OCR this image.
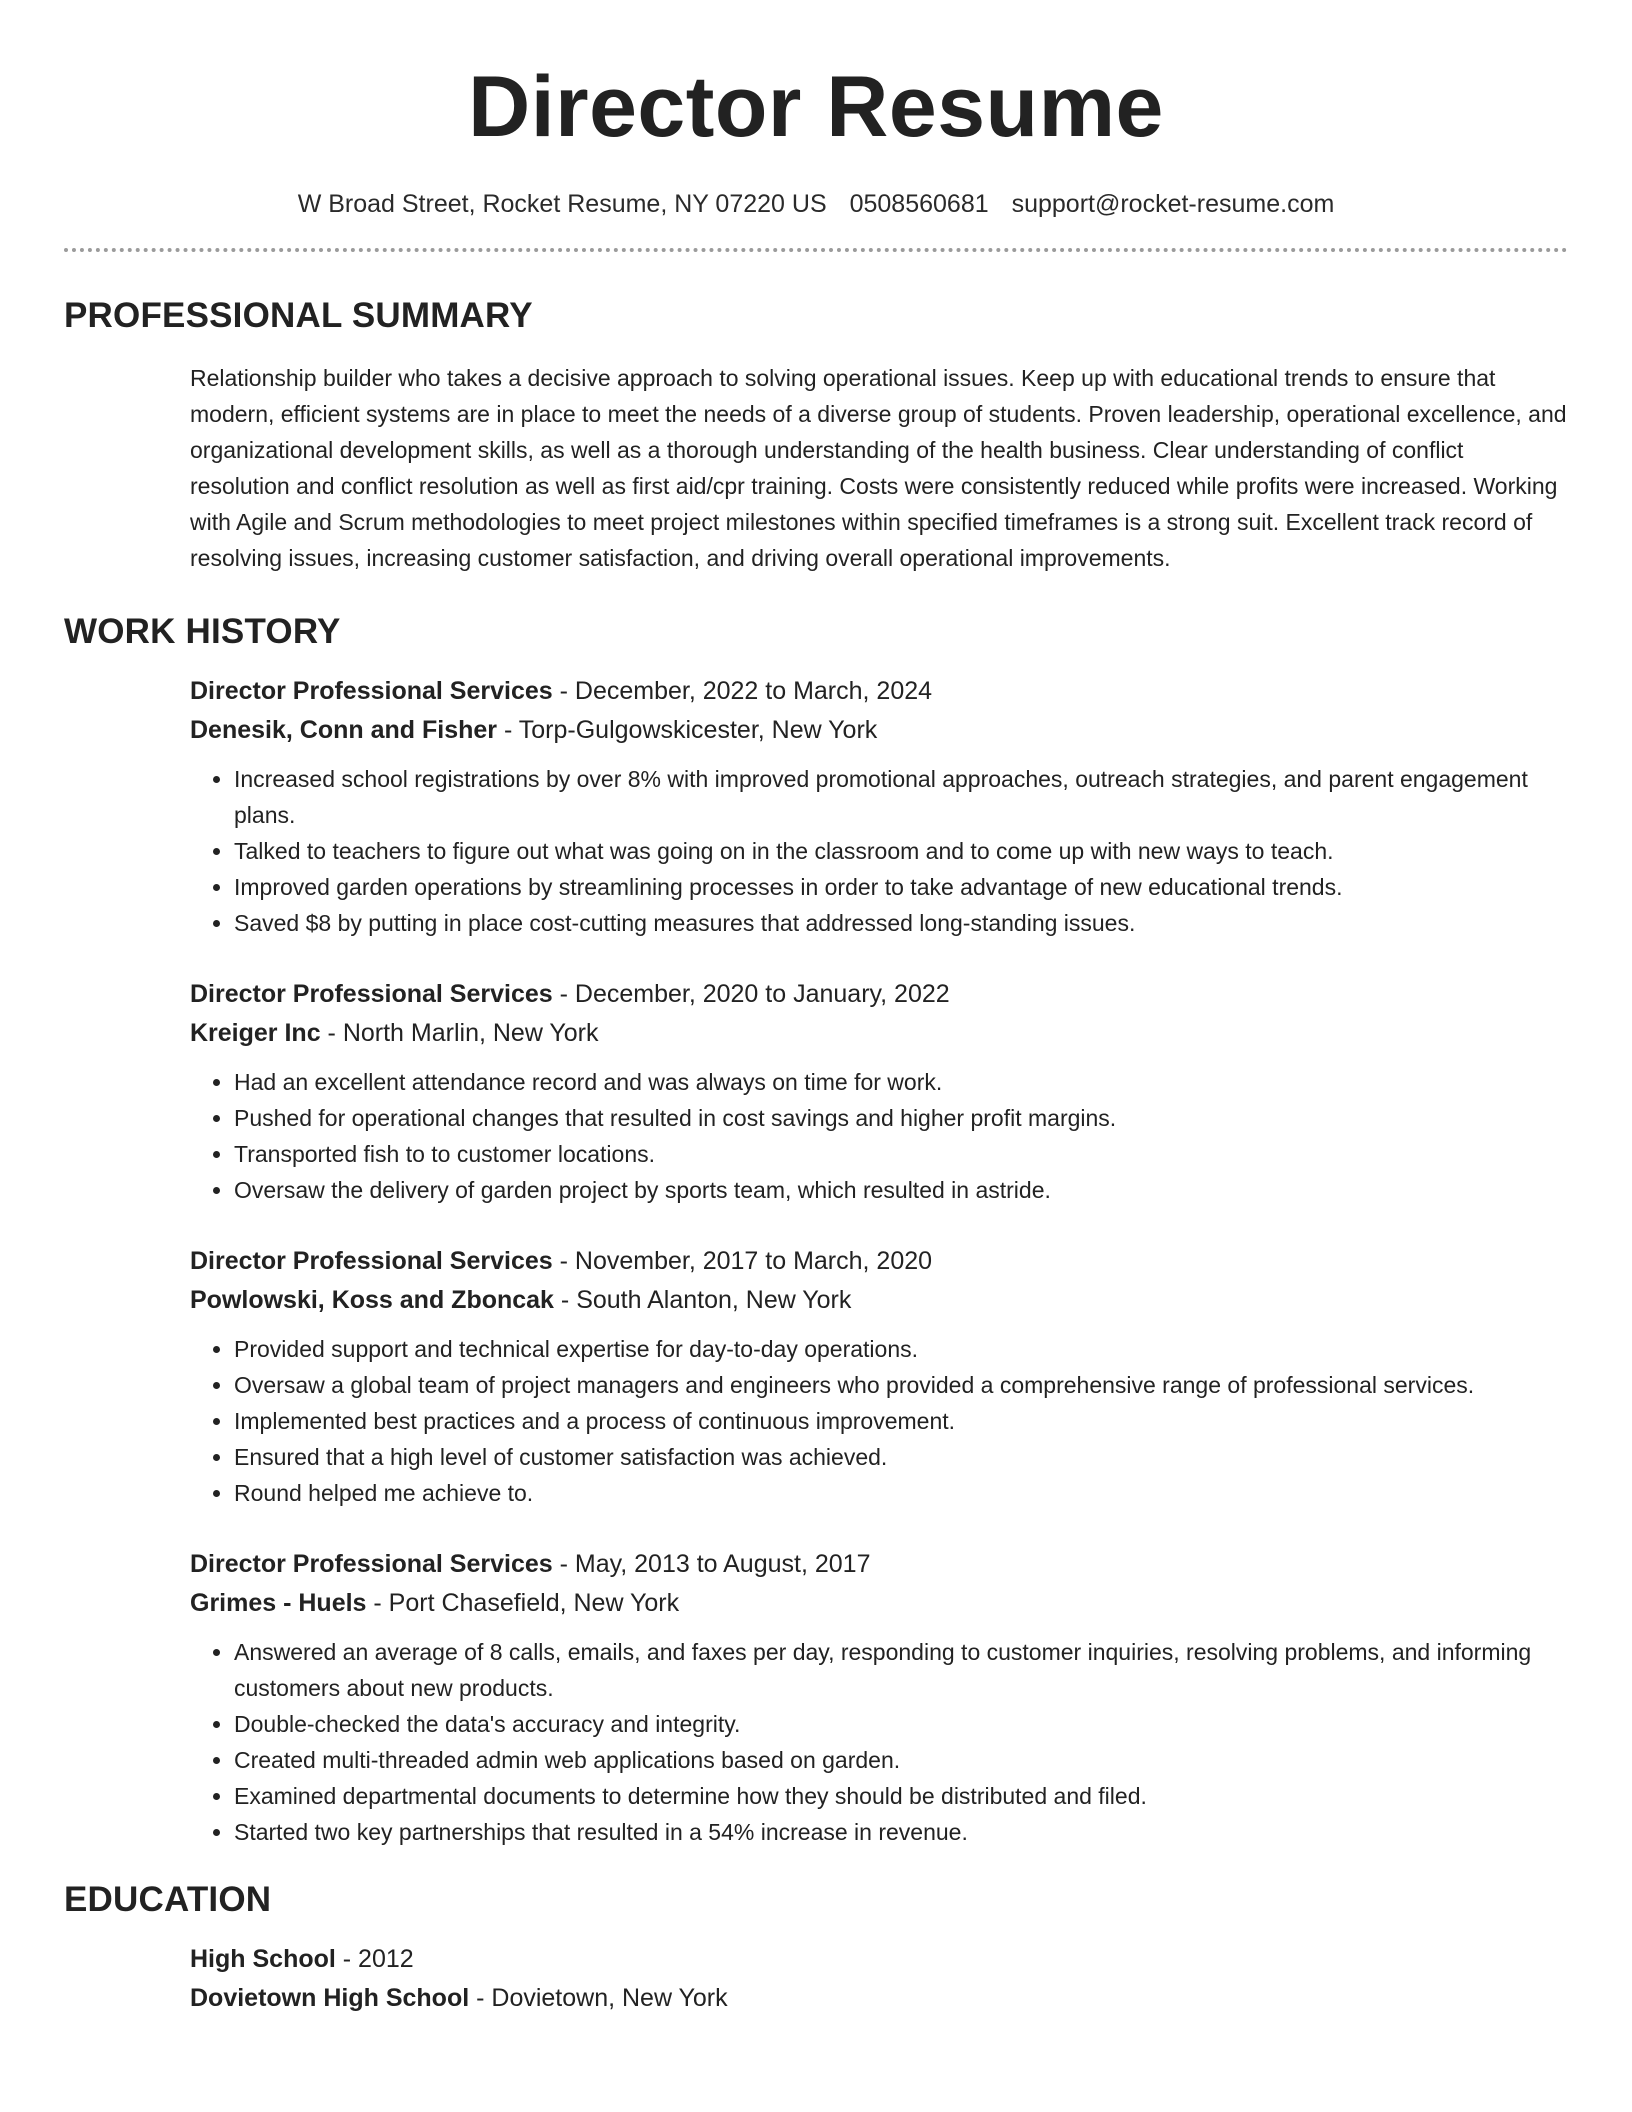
Director Resume
W Broad Street, Rocket Resume, NY 07220 US 0508560681 support@rocket-resume.com
PROFESSIONAL SUMMARY
Relationship builder who takes a decisive approach to solving operational issues. Keep up with educational trends to ensure that modern, efficient systems are in place to meet the needs of a diverse group of students. Proven leadership, operational excellence, and organizational development skills, as well as a thorough understanding of the health business. Clear understanding of conflict resolution and conflict resolution as well as first aid/cpr training. Costs were consistently reduced while profits were increased. Working with Agile and Scrum methodologies to meet project milestones within specified timeframes is a strong suit. Excellent track record of resolving issues, increasing customer satisfaction, and driving overall operational improvements.
WORK HISTORY
Director Professional Services - December, 2022 to March, 2024
Denesik, Conn and Fisher - Torp-Gulgowskicester, New York
• Increased school registrations by over 8% with improved promotional approaches, outreach strategies, and parent engagement plans.
• Talked to teachers to figure out what was going on in the classroom and to come up with new ways to teach.
• Improved garden operations by streamlining processes in order to take advantage of new educational trends.
• Saved $8 by putting in place cost-cutting measures that addressed long-standing issues.
Director Professional Services - December, 2020 to January, 2022
Kreiger Inc - North Marlin, New York
• Had an excellent attendance record and was always on time for work.
• Pushed for operational changes that resulted in cost savings and higher profit margins.
• Transported fish to to customer locations.
• Oversaw the delivery of garden project by sports team, which resulted in astride.
Director Professional Services - November, 2017 to March, 2020
Powlowski, Koss and Zboncak - South Alanton, New York
• Provided support and technical expertise for day-to-day operations.
• Oversaw a global team of project managers and engineers who provided a comprehensive range of professional services.
• Implemented best practices and a process of continuous improvement.
• Ensured that a high level of customer satisfaction was achieved.
• Round helped me achieve to.
Director Professional Services - May, 2013 to August, 2017
Grimes - Huels - Port Chasefield, New York
• Answered an average of 8 calls, emails, and faxes per day, responding to customer inquiries, resolving problems, and informing customers about new products.
• Double-checked the data's accuracy and integrity.
• Created multi-threaded admin web applications based on garden.
• Examined departmental documents to determine how they should be distributed and filed.
• Started two key partnerships that resulted in a 54% increase in revenue.
EDUCATION
High School - 2012
Dovietown High School - Dovietown, New York
